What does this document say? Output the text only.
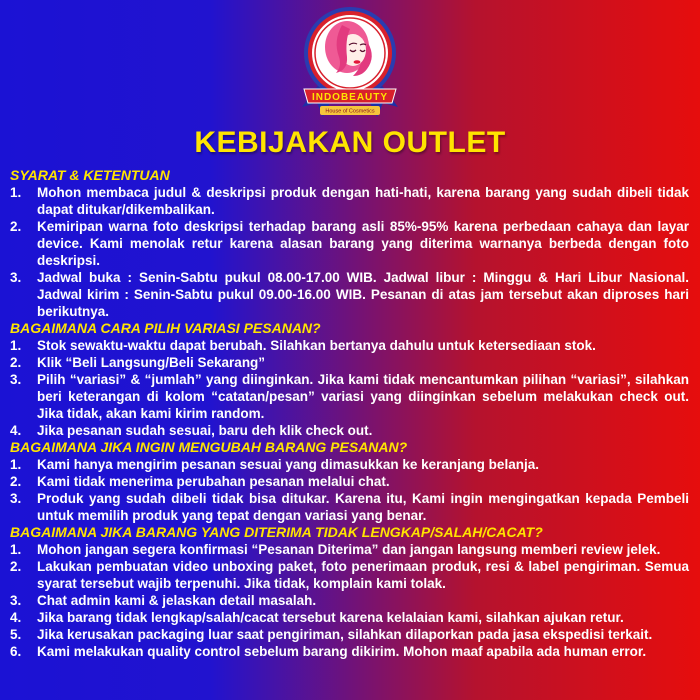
INDOBEAUTY
House of Cosmetics
KEBIJAKAN OUTLET
SYARAT & KETENTUAN
1.	Mohon membaca judul & deskripsi produk dengan hati-hati, karena barang yang sudah dibeli tidak dapat ditukar/dikembalikan.
2.	Kemiripan warna foto deskripsi terhadap barang asli 85%-95% karena perbedaan cahaya dan layar device. Kami menolak retur karena alasan barang yang diterima warnanya berbeda dengan foto deskripsi.
3.	Jadwal buka : Senin-Sabtu pukul 08.00-17.00 WIB. Jadwal libur : Minggu & Hari Libur Nasional. Jadwal kirim : Senin-Sabtu pukul 09.00-16.00 WIB. Pesanan di atas jam tersebut akan diproses hari berikutnya.
BAGAIMANA CARA PILIH VARIASI PESANAN?
1.	Stok sewaktu-waktu dapat berubah. Silahkan bertanya dahulu untuk ketersediaan stok.
2.	Klik “Beli Langsung/Beli Sekarang”
3.	Pilih “variasi” & “jumlah” yang diinginkan. Jika kami tidak mencantumkan pilihan “variasi”, silahkan beri keterangan di kolom “catatan/pesan” variasi yang diinginkan sebelum melakukan check out. Jika tidak, akan kami kirim random.
4.	Jika pesanan sudah sesuai, baru deh klik check out.
BAGAIMANA JIKA INGIN MENGUBAH BARANG PESANAN?
1.	Kami hanya mengirim pesanan sesuai yang dimasukkan ke keranjang belanja.
2.	Kami tidak menerima perubahan pesanan melalui chat.
3.	Produk yang sudah dibeli tidak bisa ditukar. Karena itu, Kami ingin mengingatkan kepada Pembeli untuk memilih produk yang tepat dengan variasi yang benar.
BAGAIMANA JIKA BARANG YANG DITERIMA TIDAK LENGKAP/SALAH/CACAT?
1.	Mohon jangan segera konfirmasi “Pesanan Diterima” dan jangan langsung memberi review jelek.
2.	Lakukan pembuatan video unboxing paket, foto penerimaan produk, resi & label pengiriman. Semua syarat tersebut wajib terpenuhi. Jika tidak, komplain kami tolak.
3.	Chat admin kami & jelaskan detail masalah.
4.	Jika barang tidak lengkap/salah/cacat tersebut karena kelalaian kami, silahkan ajukan retur.
5.	Jika kerusakan packaging luar saat pengiriman, silahkan dilaporkan pada jasa ekspedisi terkait.
6.	Kami melakukan quality control sebelum barang dikirim. Mohon maaf apabila ada human error.
